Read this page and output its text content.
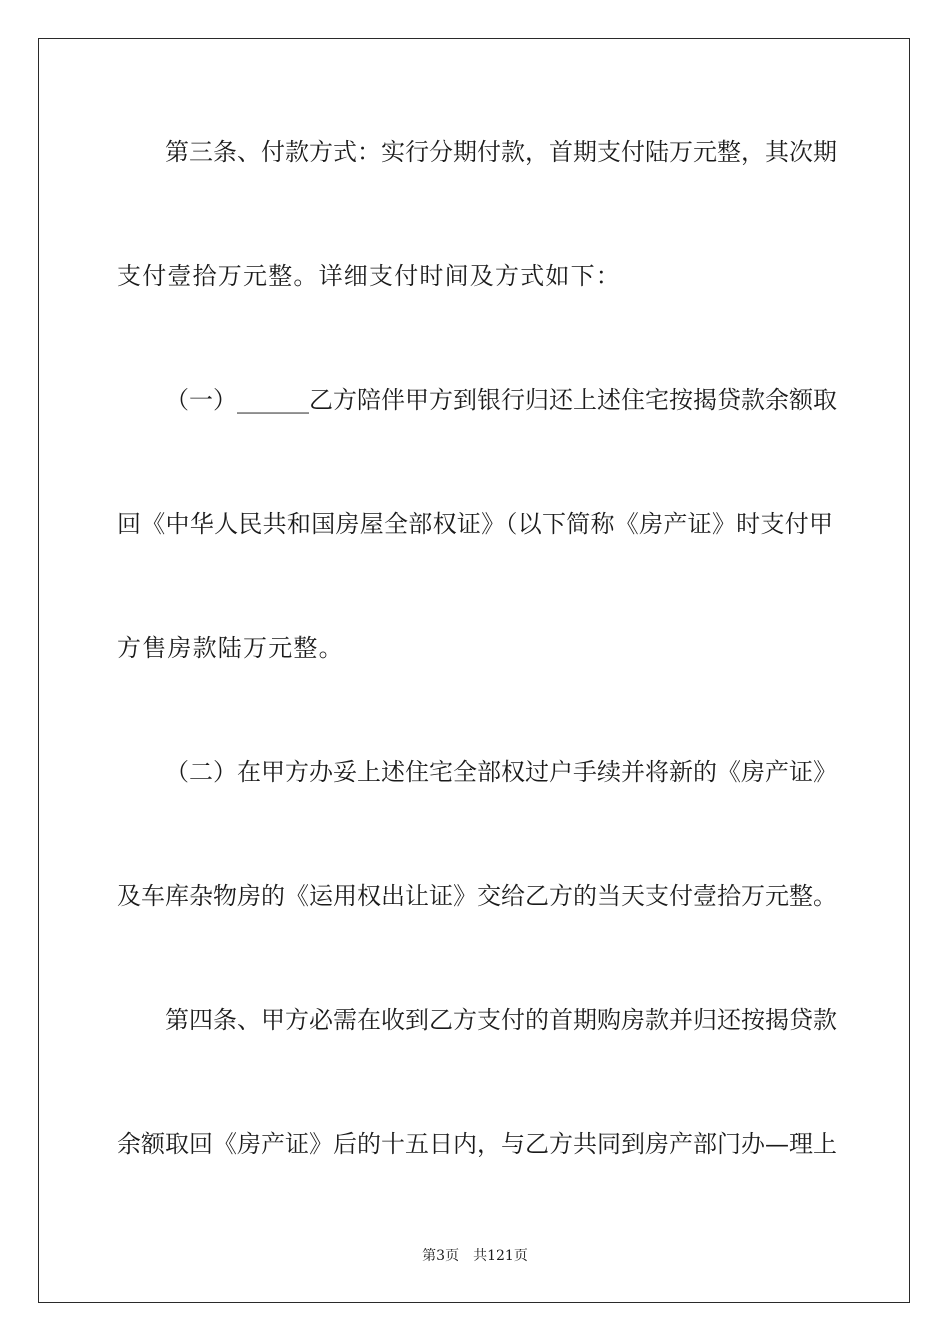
第三条、付款方式：实行分期付款，首期支付陆万元整，其次期
支付壹拾万元整。详细支付时间及方式如下：
（一）______乙方陪伴甲方到银行归还上述住宅按揭贷款余额取
回《中华人民共和国房屋全部权证》（以下简称《房产证》时支付甲
方售房款陆万元整。
（二）在甲方办妥上述住宅全部权过户手续并将新的《房产证》
及车库杂物房的《运用权出让证》交给乙方的当天支付壹拾万元整。
第四条、甲方必需在收到乙方支付的首期购房款并归还按揭贷款
余额取回《房产证》后的十五日内，与乙方共同到房产部门办—理上
第3页 共121页
